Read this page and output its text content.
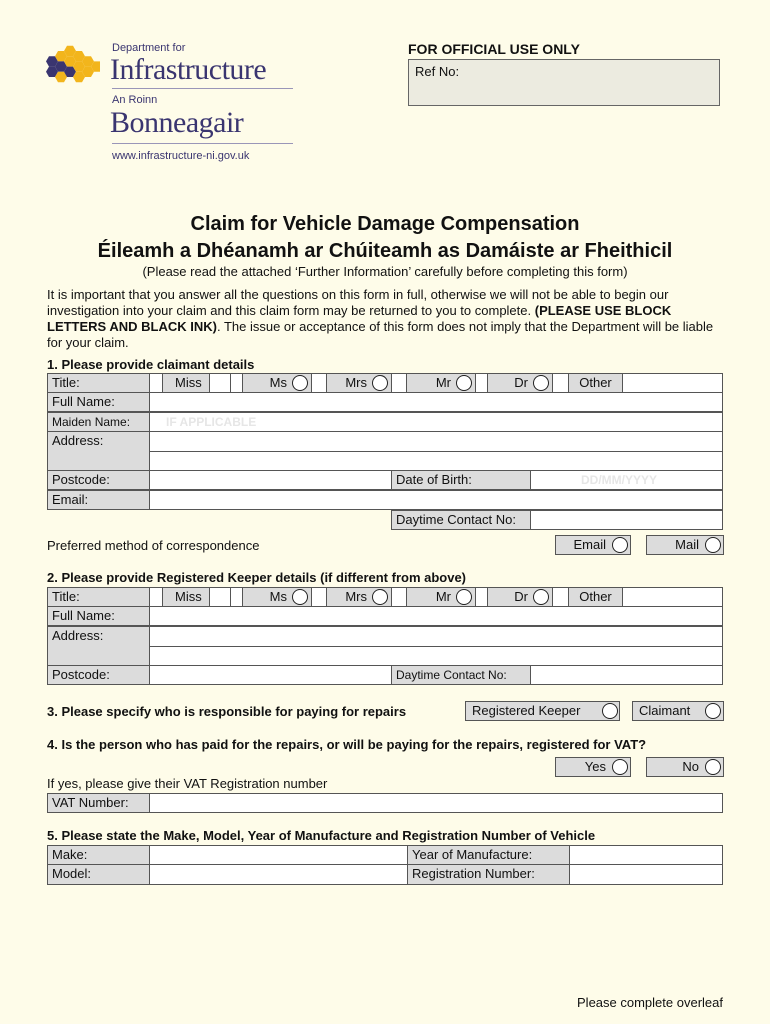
Department for
Infrastructure
An Roinn
Bonneagair
www.infrastructure-ni.gov.uk
FOR OFFICIAL USE ONLY
Ref No:
Claim for Vehicle Damage Compensation
Éileamh a Dhéanamh ar Chúiteamh as Damáiste ar Fheithicil
(Please read the attached ‘Further Information’ carefully before completing this form)
It is important that you answer all the questions on this form in full, otherwise we will not be able to begin our investigation into your claim and this claim form may be returned to you to complete. (PLEASE USE BLOCK LETTERS AND BLACK INK). The issue or acceptance of this form does not imply that the Department will be liable for your claim.
1. Please provide claimant details
Title:	Miss	Ms	Mrs	Mr	Dr	Other
Full Name:
Maiden Name:	IF APPLICABLE
Address:
Postcode:	Date of Birth:	DD/MM/YYYY
Email:
Daytime Contact No:
Preferred method of correspondence	Email	Mail
2. Please provide Registered Keeper details (if different from above)
Title:	Miss	Ms	Mrs	Mr	Dr	Other
Full Name:
Address:
Postcode:	Daytime Contact No:
3. Please specify who is responsible for paying for repairs	Registered Keeper	Claimant
4. Is the person who has paid for the repairs, or will be paying for the repairs, registered for VAT?
Yes	No
If yes, please give their VAT Registration number
VAT Number:
5. Please state the Make, Model, Year of Manufacture and Registration Number of Vehicle
Make:	Year of Manufacture:
Model:	Registration Number:
Please complete overleaf
